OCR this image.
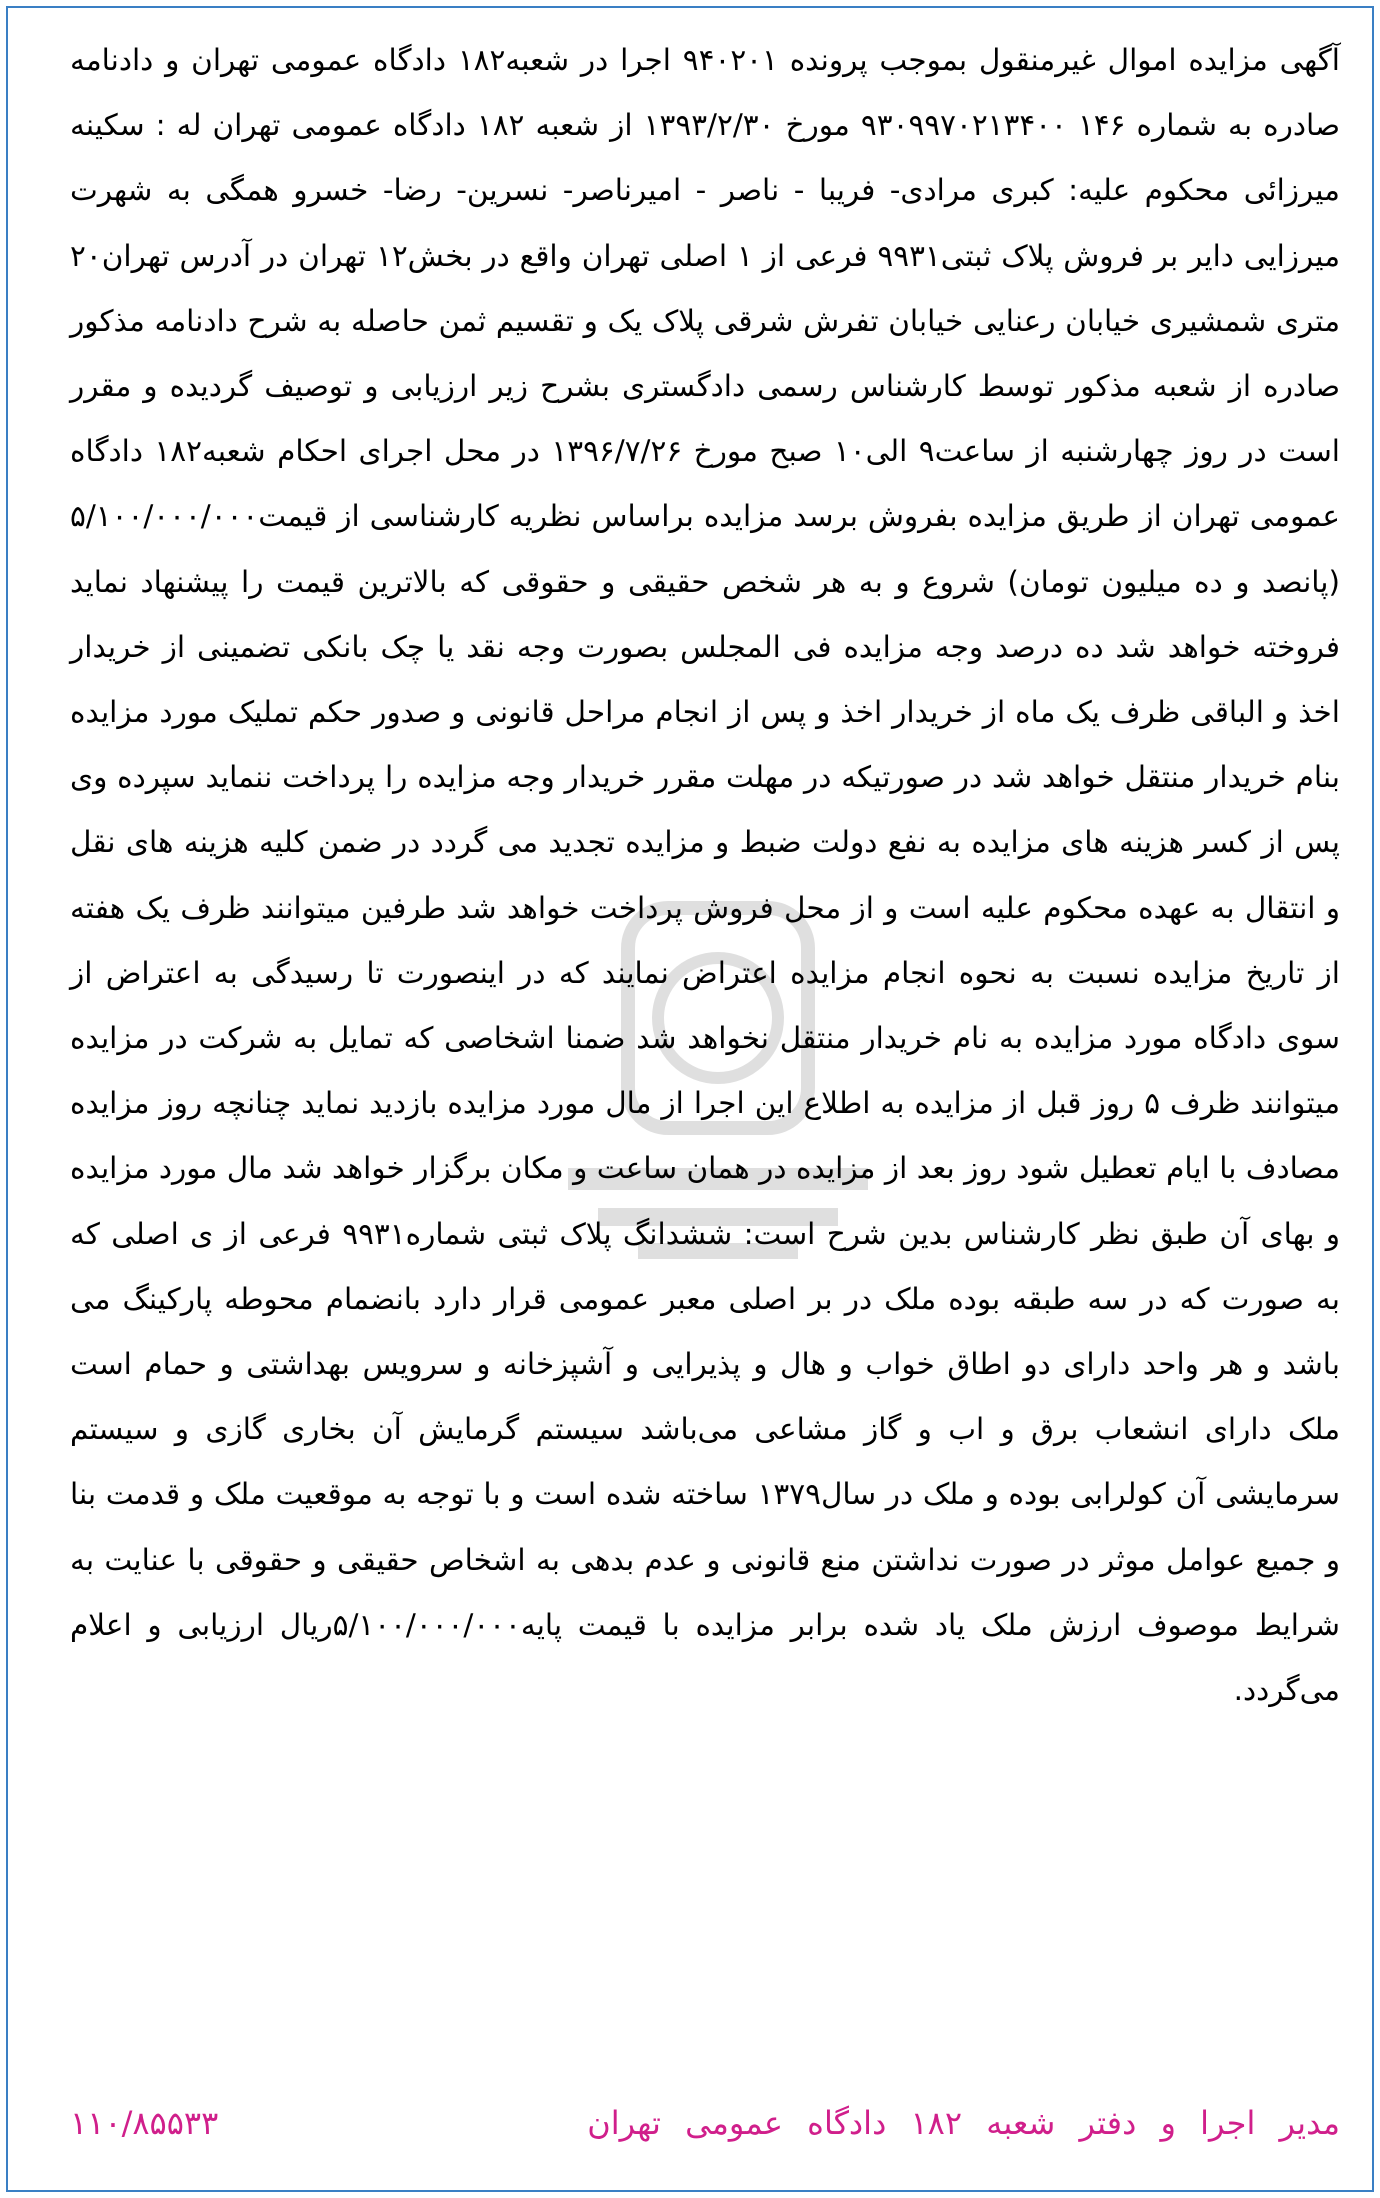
آگهی مزایده اموال غیرمنقول بموجب پرونده ۹۴۰۲۰۱ اجرا در شعبه۱۸۲ دادگاه عمومی تهران و دادنامه صادره به شماره ۱۴۶ ۹۳۰۹۹۷۰۲۱۳۴۰۰ مورخ ۱۳۹۳/۲/۳۰ از شعبه ۱۸۲ دادگاه عمومی تهران له : سکینه میرزائی محکوم علیه: کبری مرادی- فریبا - ناصر - امیرناصر- نسرین- رضا- خسرو همگی به شهرت میرزایی دایر بر فروش پلاک ثبتی۹۹۳۱ فرعی از ۱ اصلی تهران واقع در بخش۱۲ تهران در آدرس تهران۲۰ متری شمشیری خیابان رعنایی خیابان تفرش شرقی پلاک یک و تقسیم ثمن حاصله به شرح دادنامه مذکور صادره از شعبه مذکور توسط کارشناس رسمی دادگستری بشرح زیر ارزیابی و توصیف گردیده و مقرر است در روز چهارشنبه از ساعت۹ الی۱۰ صبح مورخ ۱۳۹۶/۷/۲۶ در محل اجرای احکام شعبه۱۸۲ دادگاه عمومی تهران از طریق مزایده بفروش برسد مزایده براساس نظریه کارشناسی از قیمت۵/۱۰۰/۰۰۰/۰۰۰ (پانصد و ده میلیون تومان) شروع و به هر شخص حقیقی و حقوقی که بالاترین قیمت را پیشنهاد نماید فروخته خواهد شد ده درصد وجه مزایده فی المجلس بصورت وجه نقد یا چک بانکی تضمینی از خریدار اخذ و الباقی ظرف یک ماه از خریدار اخذ و پس از انجام مراحل قانونی و صدور حکم تملیک مورد مزایده بنام خریدار منتقل خواهد شد در صورتیکه در مهلت مقرر خریدار وجه مزایده را پرداخت ننماید سپرده وی پس از کسر هزینه های مزایده به نفع دولت ضبط و مزایده تجدید می گردد در ضمن کلیه هزینه های نقل و انتقال به عهده محکوم علیه است و از محل فروش پرداخت خواهد شد طرفین میتوانند ظرف یک هفته از تاریخ مزایده نسبت به نحوه انجام مزایده اعتراض نمایند که در اینصورت تا رسیدگی به اعتراض از سوی دادگاه مورد مزایده به نام خریدار منتقل نخواهد شد ضمنا اشخاصی که تمایل به شرکت در مزایده میتوانند ظرف ۵ روز قبل از مزایده به اطلاع این اجرا از مال مورد مزایده بازدید نماید چنانچه روز مزایده مصادف با ایام تعطیل شود روز بعد از مزایده در همان ساعت و مکان برگزار خواهد شد مال مورد مزایده و بهای آن طبق نظر کارشناس بدین شرح است: ششدانگ پلاک ثبتی شماره۹۹۳۱ فرعی از ی اصلی که به صورت که در سه طبقه بوده ملک در بر اصلی معبر عمومی قرار دارد بانضمام محوطه پارکینگ می باشد و هر واحد دارای دو اطاق خواب و هال و پذیرایی و آشپزخانه و سرویس بهداشتی و حمام است ملک دارای انشعاب برق و اب و گاز مشاعی می‌باشد سیستم گرمایش آن بخاری گازی و سیستم سرمایشی آن کولرابی بوده و ملک در سال۱۳۷۹ ساخته شده است و با توجه به موقعیت ملک و قدمت بنا و جمیع عوامل موثر در صورت نداشتن منع قانونی و عدم بدهی به اشخاص حقیقی و حقوقی با عنایت به شرایط موصوف ارزش ملک یاد شده برابر مزایده با قیمت پایه۵/۱۰۰/۰۰۰/۰۰۰ریال ارزیابی و اعلام می‌گردد.

مدیر اجرا و دفتر شعبه ۱۸۲ دادگاه عمومی تهران
۱۱۰/۸۵۵۳۳
